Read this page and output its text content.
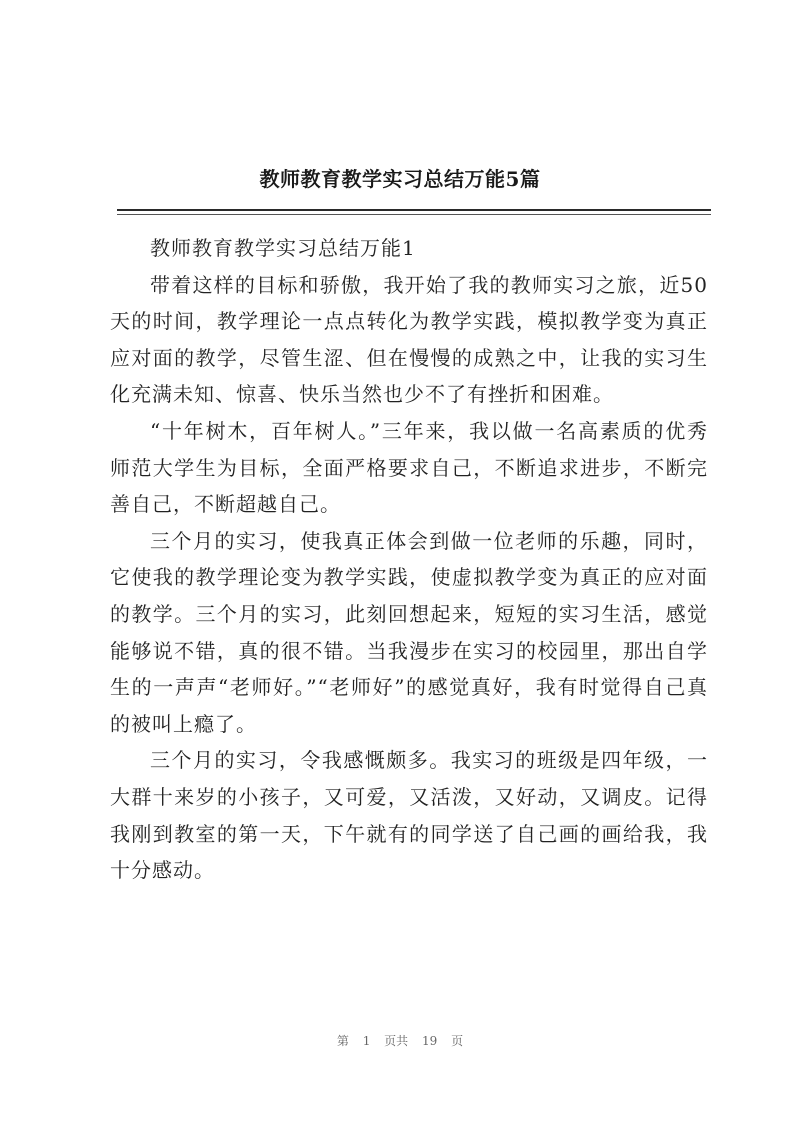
教师教育教学实习总结万能5篇

教师教育教学实习总结万能1

带着这样的目标和骄傲，我开始了我的教师实习之旅，近50天的时间，教学理论一点点转化为教学实践，模拟教学变为真正应对面的教学，尽管生涩、但在慢慢的成熟之中，让我的实习生化充满未知、惊喜、快乐当然也少不了有挫折和困难。

“十年树木，百年树人。”三年来，我以做一名高素质的优秀师范大学生为目标，全面严格要求自己，不断追求进步，不断完善自己，不断超越自己。

三个月的实习，使我真正体会到做一位老师的乐趣，同时，它使我的教学理论变为教学实践，使虚拟教学变为真正的应对面的教学。三个月的实习，此刻回想起来，短短的实习生活，感觉能够说不错，真的很不错。当我漫步在实习的校园里，那出自学生的一声声“老师好。”“老师好”的感觉真好，我有时觉得自己真的被叫上瘾了。

三个月的实习，令我感慨颇多。我实习的班级是四年级，一大群十来岁的小孩子，又可爱，又活泼，又好动，又调皮。记得我刚到教室的第一天，下午就有的同学送了自己画的画给我，我十分感动。

第 1 页共 19 页
